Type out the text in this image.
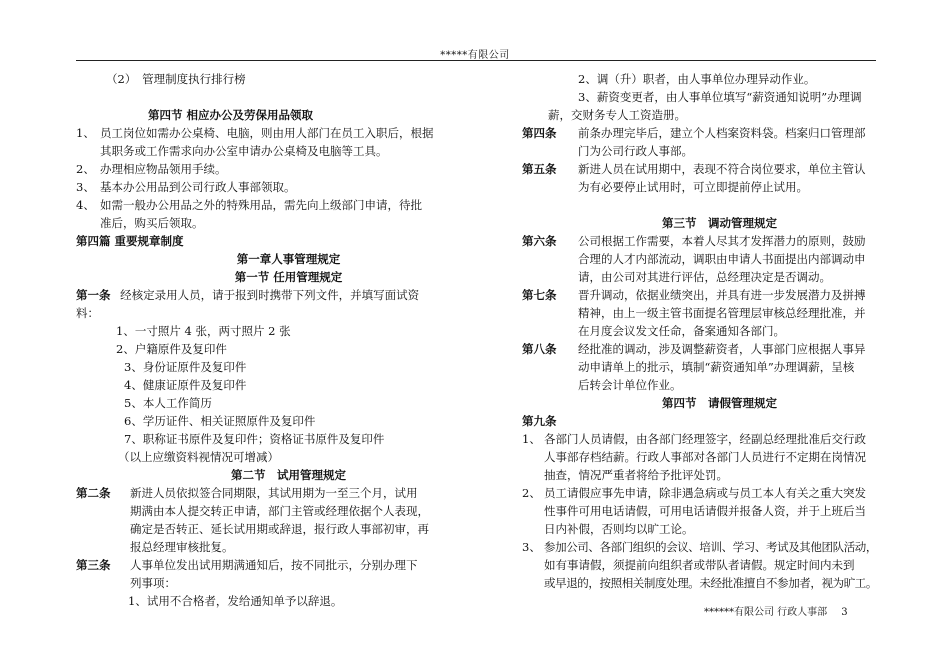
*****有限公司
（2）　管理制度执行排行榜
第四节 相应办公及劳保用品领取
1、 员工岗位如需办公桌椅、电脑，则由用人部门在员工入职后，根据
其职务或工作需求向办公室申请办公桌椅及电脑等工具。
2、 办理相应物品领用手续。
3、 基本办公用品到公司行政人事部领取。
4、 如需一般办公用品之外的特殊用品，需先向上级部门申请，待批
准后，购买后领取。
第四篇 重要规章制度
第一章人事管理规定
第一节 任用管理规定
第一条 经核定录用人员，请于报到时携带下列文件，并填写面试资
料：
1、一寸照片 4 张，两寸照片 2 张
2、户籍原件及复印件
3、身份证原件及复印件
4、健康证原件及复印件
5、本人工作简历
6、学历证件、相关证照原件及复印件
7、职称证书原件及复印件；资格证书原件及复印件
（以上应缴资料视情况可增减）
第二节　试用管理规定
第二条	新进人员依拟签合同期限，其试用期为一至三个月，试用
期满由本人提交转正申请，部门主管或经理依据个人表现，
确定是否转正、延长试用期或辞退，报行政人事部初审，再
报总经理审核批复。
第三条	人事单位发出试用期满通知后，按不同批示，分别办理下
列事项：
1、试用不合格者，发给通知单予以辞退。
2、调（升）职者，由人事单位办理异动作业。
3、薪资变更者，由人事单位填写“薪资通知说明”办理调
薪，交财务专人工资造册。
第四条	前条办理完毕后，建立个人档案资料袋。档案归口管理部
门为公司行政人事部。
第五条	新进人员在试用期中，表现不符合岗位要求，单位主管认
为有必要停止试用时，可立即提前停止试用。
第三节　调动管理规定
第六条	公司根据工作需要，本着人尽其才发挥潜力的原则，鼓励
合理的人才内部流动，调职由申请人书面提出内部调动申
请，由公司对其进行评估，总经理决定是否调动。
第七条	晋升调动，依据业绩突出，并具有进一步发展潜力及拼搏
精神，由上一级主管书面提名管理层审核总经理批准，并
在月度会议发文任命，备案通知各部门。
第八条	经批准的调动，涉及调整薪资者，人事部门应根据人事异
动申请单上的批示，填制“薪资通知单”办理调薪，呈核
后转会计单位作业。
第四节　请假管理规定
第九条
1、 各部门人员请假，由各部门经理签字，经副总经理批准后交行政
人事部存档结薪。行政人事部对各部门人员进行不定期在岗情况
抽查，情况严重者将给予批评处罚。
2、 员工请假应事先申请，除非遇急病或与员工本人有关之重大突发
性事件可用电话请假，可用电话请假并报备人资，并于上班后当
日内补假，否则均以旷工论。
3、 参加公司、各部门组织的会议、培训、学习、考试及其他团队活动，
如有事请假，须提前向组织者或带队者请假。规定时间内未到
或早退的，按照相关制度处理。未经批准擅自不参加者，视为旷工。
******有限公司 行政人事部 3
